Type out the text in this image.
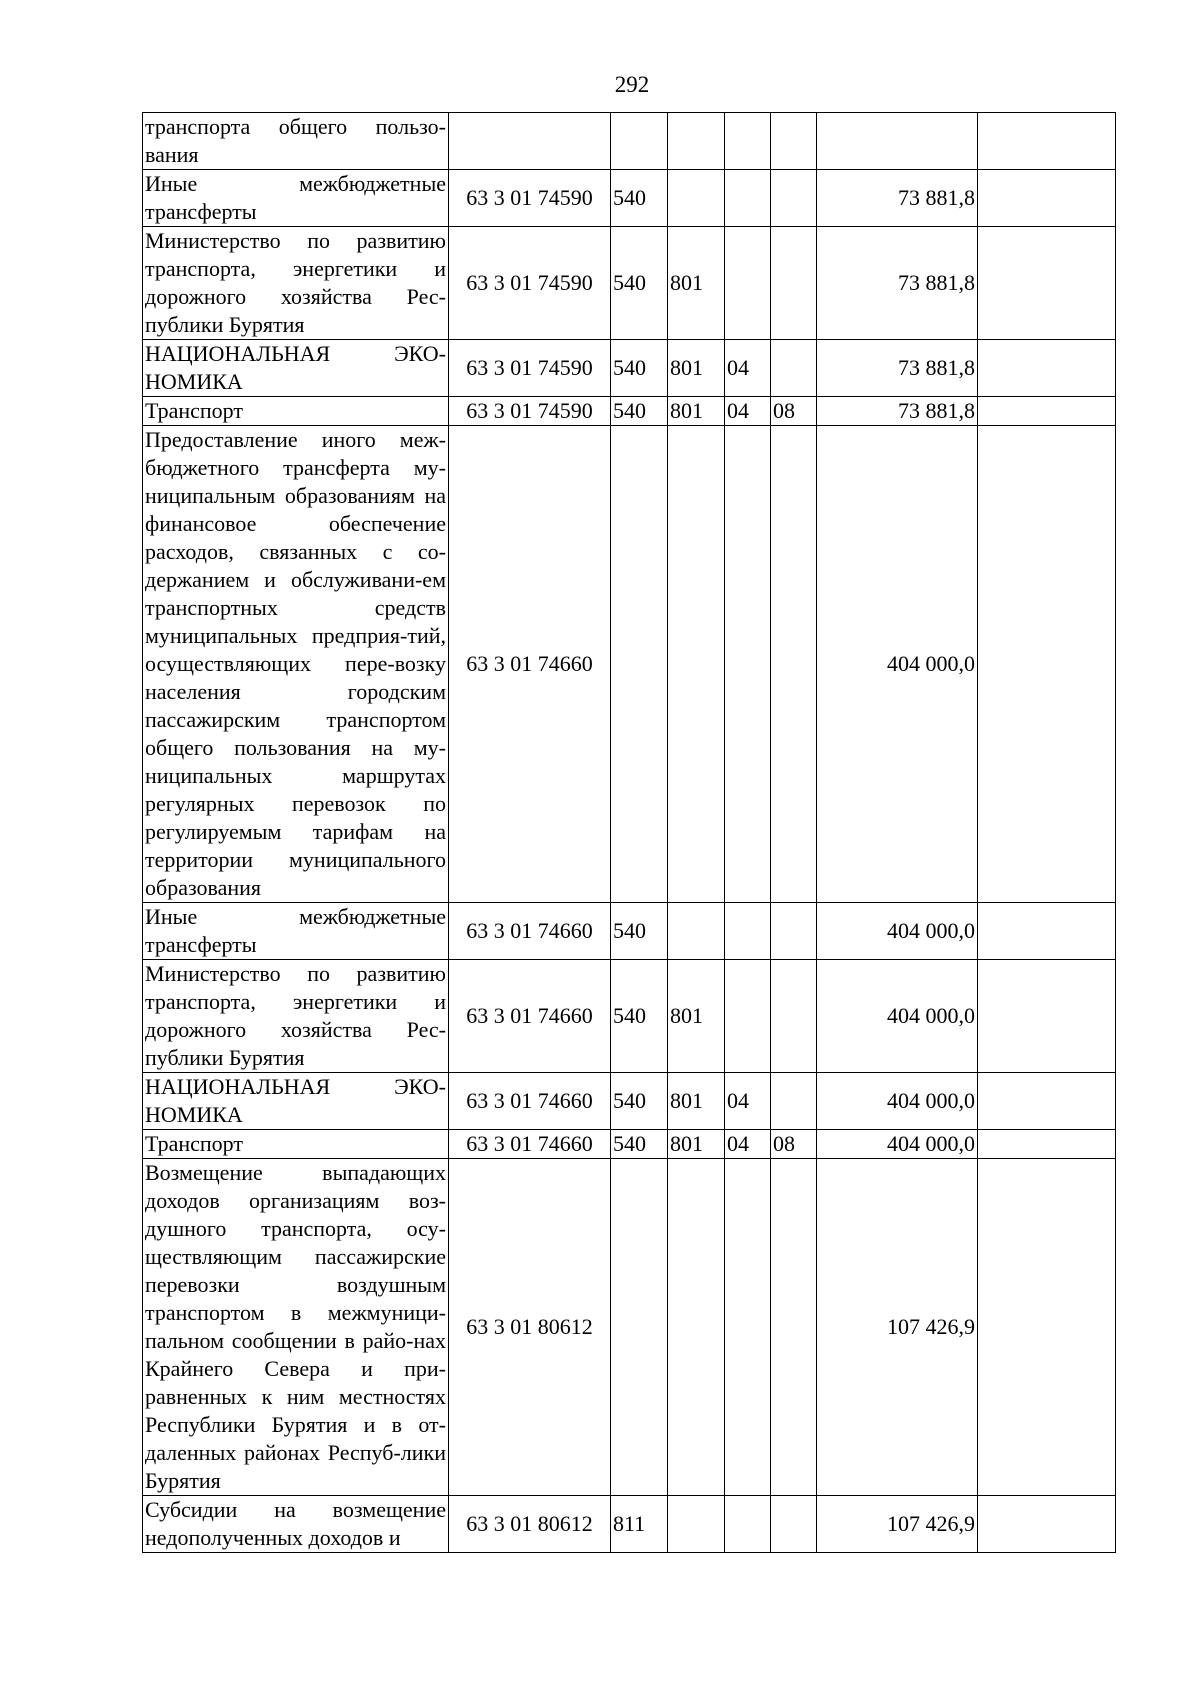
292
транспорта общего пользо-вания							
Иные межбюджетные трансферты	63 3 01 74590	540				73 881,8	
Министерство по развитию транспорта, энергетики и дорожного хозяйства Рес-публики Бурятия	63 3 01 74590	540	801			73 881,8	
НАЦИОНАЛЬНАЯ ЭКО-НОМИКА	63 3 01 74590	540	801	04		73 881,8	
Транспорт	63 3 01 74590	540	801	04	08	73 881,8	
Предоставление иного меж-бюджетного трансферта му-ниципальным образованиям на финансовое обеспечение расходов, связанных с со-держанием и обслуживани-ем транспортных средств муниципальных предприя-тий, осуществляющих пере-возку населения городским пассажирским транспортом общего пользования на му-ниципальных маршрутах регулярных перевозок по регулируемым тарифам на территории муниципального образования	63 3 01 74660					404 000,0	
Иные межбюджетные трансферты	63 3 01 74660	540				404 000,0	
Министерство по развитию транспорта, энергетики и дорожного хозяйства Рес-публики Бурятия	63 3 01 74660	540	801			404 000,0	
НАЦИОНАЛЬНАЯ ЭКО-НОМИКА	63 3 01 74660	540	801	04		404 000,0	
Транспорт	63 3 01 74660	540	801	04	08	404 000,0	
Возмещение выпадающих доходов организациям воз-душного транспорта, осу-ществляющим пассажирские перевозки воздушным транспортом в межмуници-пальном сообщении в райо-нах Крайнего Севера и при-равненных к ним местностях Республики Бурятия и в от-даленных районах Респуб-лики Бурятия	63 3 01 80612					107 426,9	
Субсидии на возмещение недополученных доходов и	63 3 01 80612	811				107 426,9	
